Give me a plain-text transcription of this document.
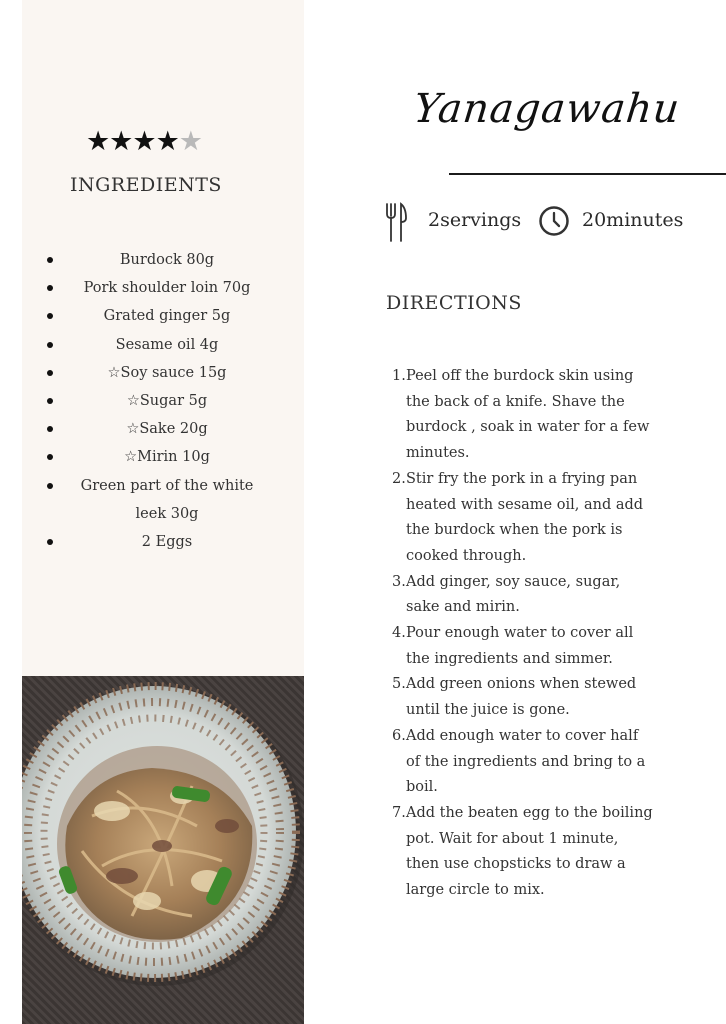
★★★★★
INGREDIENTS
Burdock 80g
Pork shoulder loin 70g
Grated ginger 5g
Sesame oil 4g
☆Soy sauce 15g
☆Sugar 5g
☆Sake 20g
☆Mirin 10g
Green part of the white leek 30g
2 Eggs
Yanagawahu
2servings	20minutes
DIRECTIONS
1. Peel off the burdock skin using the back of a knife. Shave the burdock , soak in water for a few minutes.
2. Stir fry the pork in a frying pan heated with sesame oil, and add the burdock when the pork is cooked through.
3. Add ginger, soy sauce, sugar, sake and mirin.
4. Pour enough water to cover all the ingredients and simmer.
5. Add green onions when stewed until the juice is gone.
6. Add enough water to cover half of the ingredients and bring to a boil.
7. Add the beaten egg to the boiling pot. Wait for about 1 minute, then use chopsticks to draw a large circle to mix.
